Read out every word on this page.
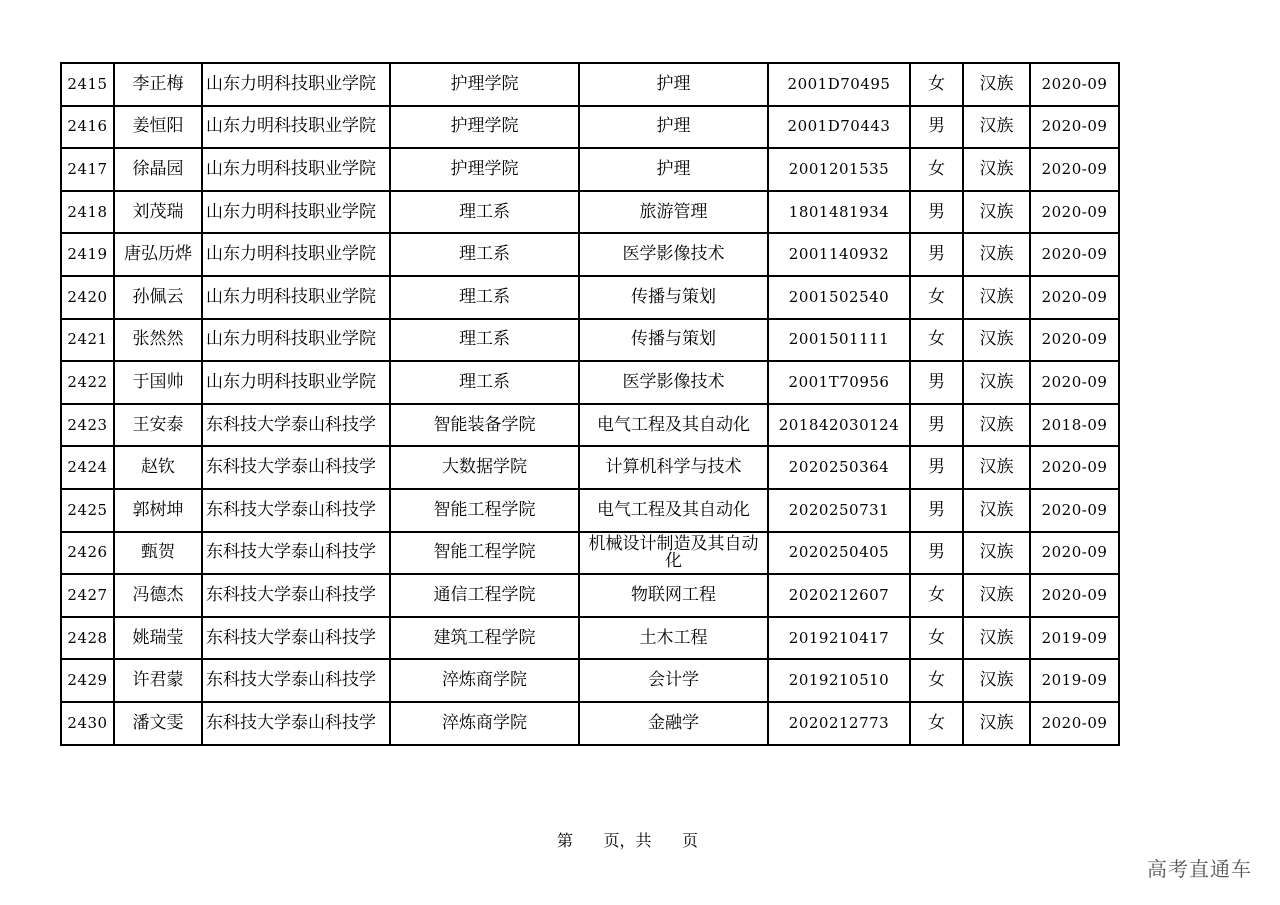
2415	李正梅	山东力明科技职业学院	护理学院	护理	2001D70495	女	汉族	2020-09
2416	姜恒阳	山东力明科技职业学院	护理学院	护理	2001D70443	男	汉族	2020-09
2417	徐晶园	山东力明科技职业学院	护理学院	护理	2001201535	女	汉族	2020-09
2418	刘茂瑞	山东力明科技职业学院	理工系	旅游管理	1801481934	男	汉族	2020-09
2419	唐弘历烨	山东力明科技职业学院	理工系	医学影像技术	2001140932	男	汉族	2020-09
2420	孙佩云	山东力明科技职业学院	理工系	传播与策划	2001502540	女	汉族	2020-09
2421	张然然	山东力明科技职业学院	理工系	传播与策划	2001501111	女	汉族	2020-09
2422	于国帅	山东力明科技职业学院	理工系	医学影像技术	2001T70956	男	汉族	2020-09
2423	王安泰	东科技大学泰山科技学	智能装备学院	电气工程及其自动化	201842030124	男	汉族	2018-09
2424	赵钦	东科技大学泰山科技学	大数据学院	计算机科学与技术	2020250364	男	汉族	2020-09
2425	郭树坤	东科技大学泰山科技学	智能工程学院	电气工程及其自动化	2020250731	男	汉族	2020-09
2426	甄贺	东科技大学泰山科技学	智能工程学院	机械设计制造及其自动化	2020250405	男	汉族	2020-09
2427	冯德杰	东科技大学泰山科技学	通信工程学院	物联网工程	2020212607	女	汉族	2020-09
2428	姚瑞莹	东科技大学泰山科技学	建筑工程学院	土木工程	2019210417	女	汉族	2019-09
2429	许君蒙	东科技大学泰山科技学	淬炼商学院	会计学	2019210510	女	汉族	2019-09
2430	潘文雯	东科技大学泰山科技学	淬炼商学院	金融学	2020212773	女	汉族	2020-09
第      页，共      页
高考直通车
